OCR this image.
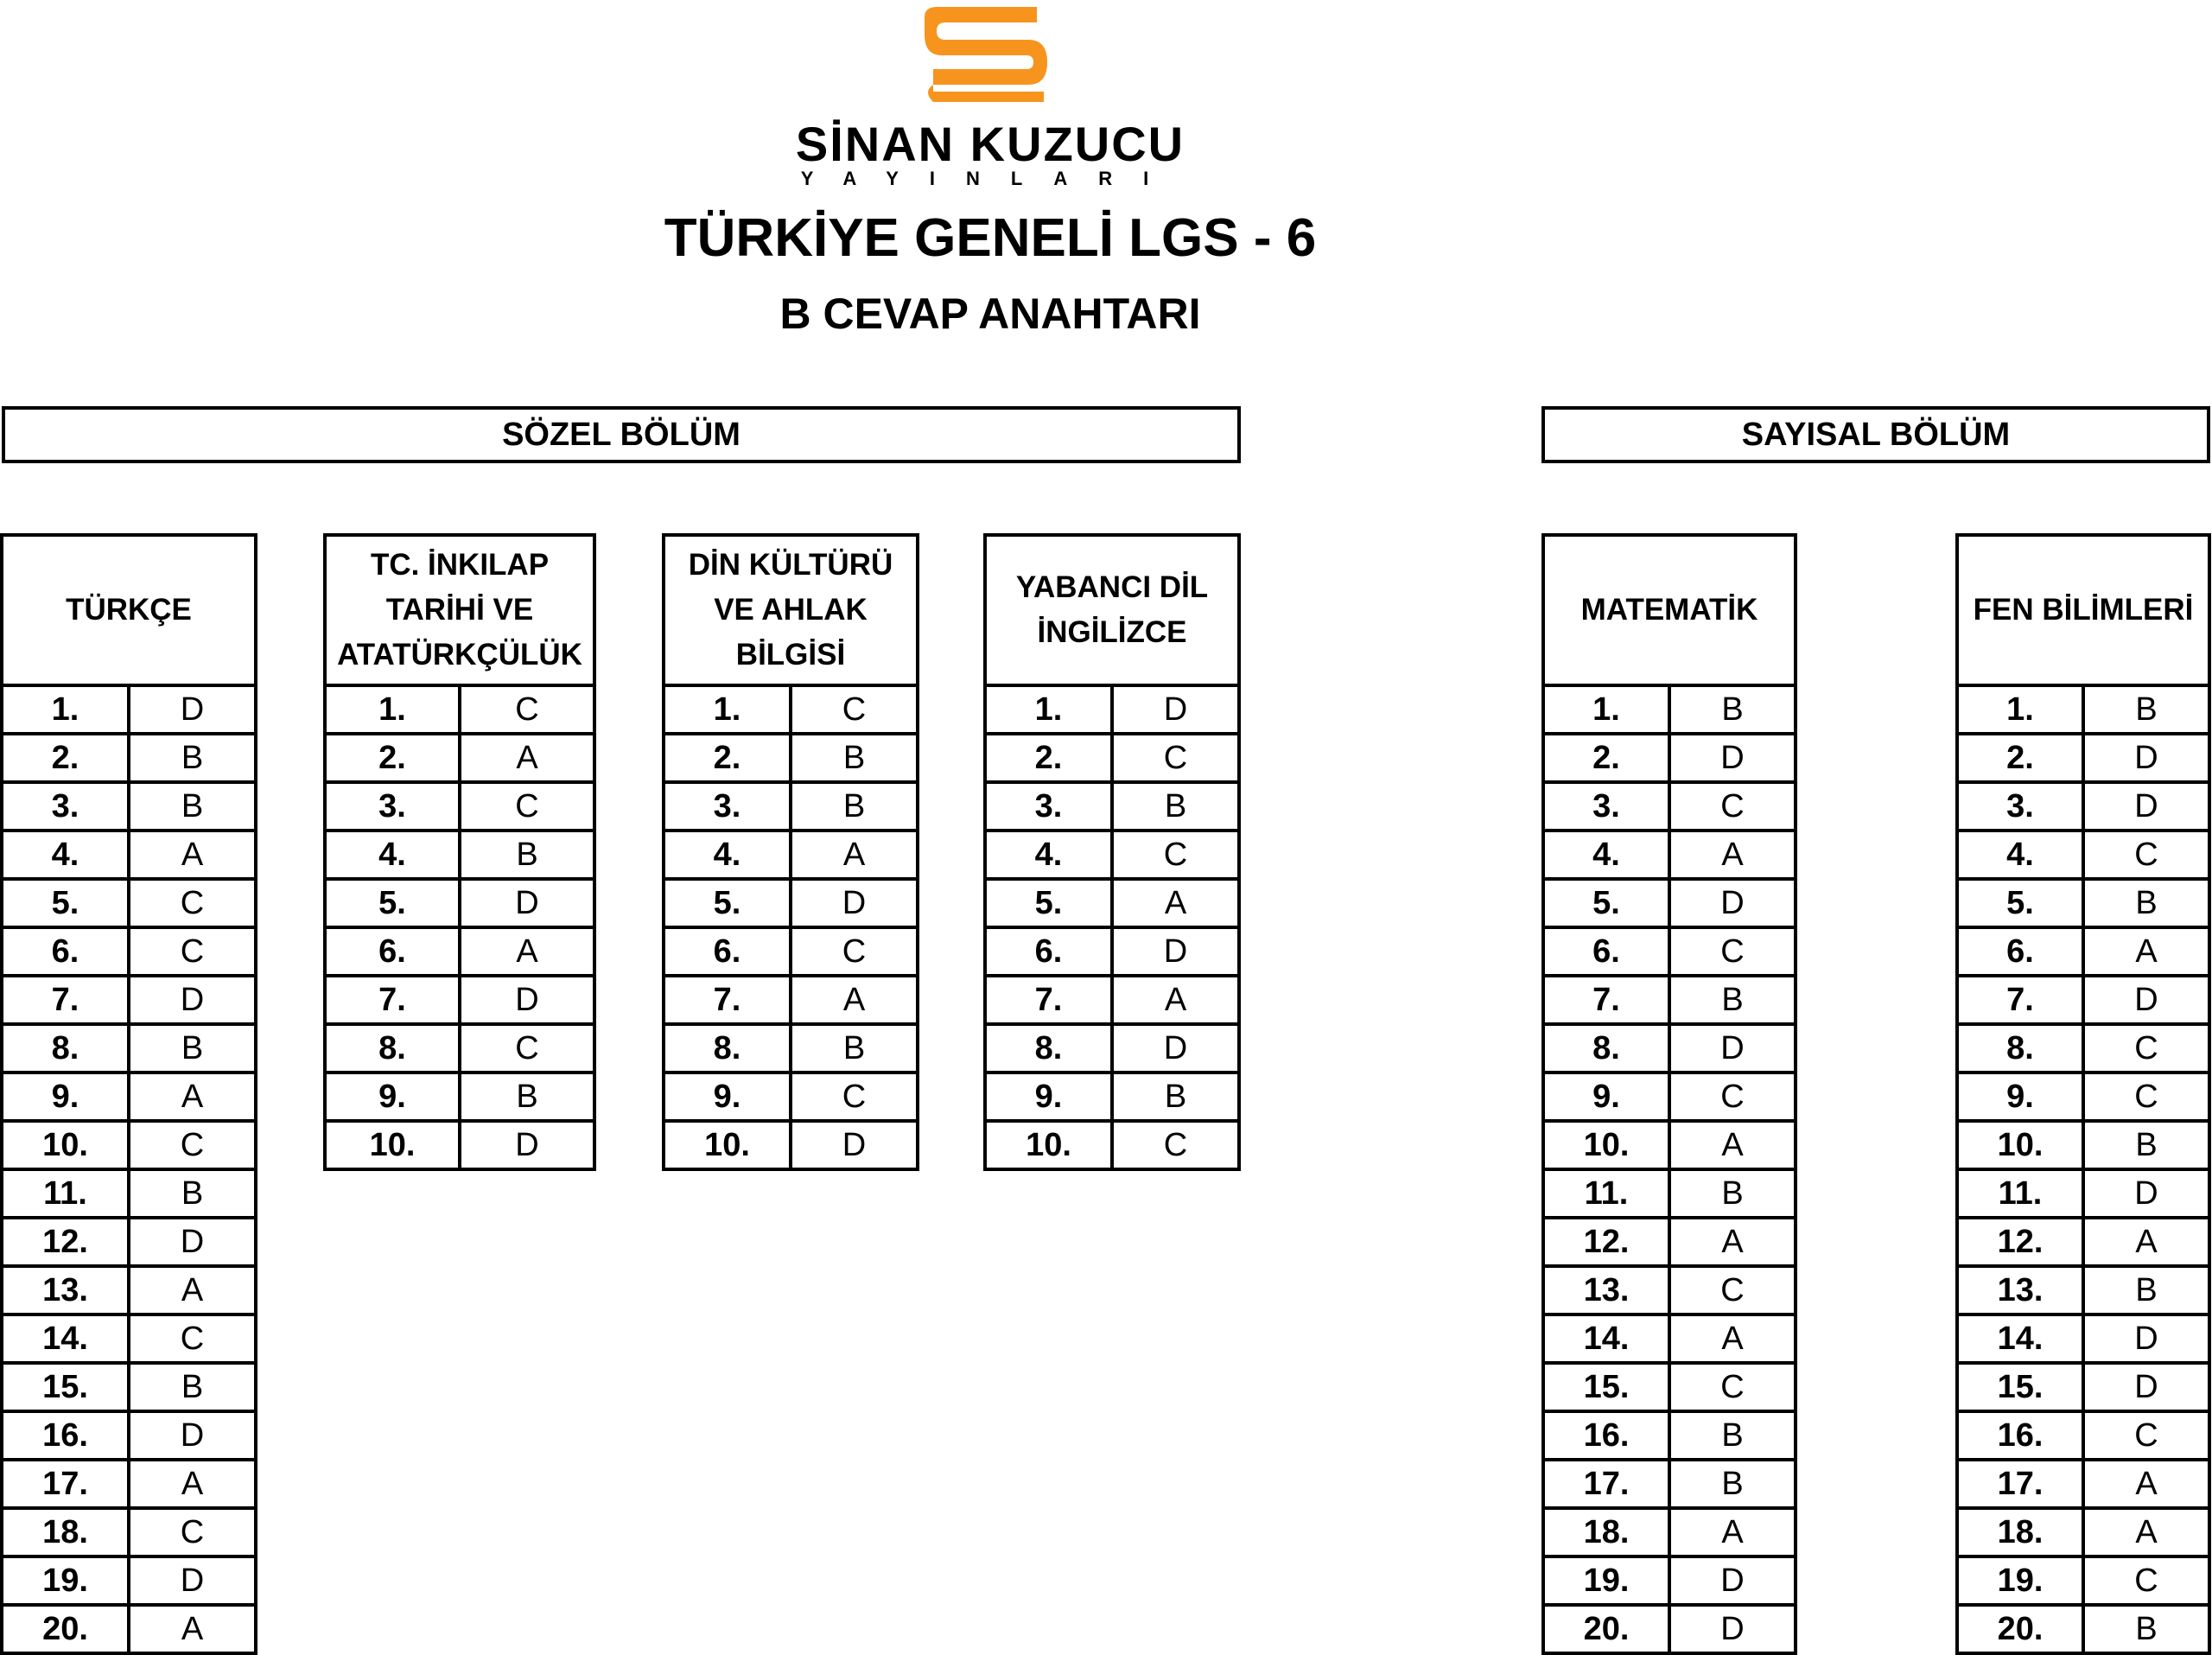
SİNAN KUZUCU
YAYINLARI
TÜRKİYE GENELİ LGS - 6
B CEVAP ANAHTARI
SÖZEL BÖLÜM	SAYISAL BÖLÜM
TÜRKÇE	

1.	D
2.	B
3.	B
4.	A
5.	C
6.	C
7.	D
8.	B
9.	A
10.	C
11.	B
12.	D
13.	A
14.	C
15.	B
16.	D
17.	A
18.	C
19.	D
20.	A
TC. İNKILAP
TARİHİ VE
ATATÜRKÇÜLÜK	

1.	C
2.	A
3.	C
4.	B
5.	D
6.	A
7.	D
8.	C
9.	B
10.	D
DİN KÜLTÜRÜ
VE AHLAK
BİLGİSİ	

1.	C
2.	B
3.	B
4.	A
5.	D
6.	C
7.	A
8.	B
9.	C
10.	D
YABANCI DİL
İNGİLİZCE	

1.	D
2.	C
3.	B
4.	C
5.	A
6.	D
7.	A
8.	D
9.	B
10.	C
MATEMATİK	

1.	B
2.	D
3.	C
4.	A
5.	D
6.	C
7.	B
8.	D
9.	C
10.	A
11.	B
12.	A
13.	C
14.	A
15.	C
16.	B
17.	B
18.	A
19.	D
20.	D
FEN BİLİMLERİ	

1.	B
2.	D
3.	D
4.	C
5.	B
6.	A
7.	D
8.	C
9.	C
10.	B
11.	D
12.	A
13.	B
14.	D
15.	D
16.	C
17.	A
18.	A
19.	C
20.	B
